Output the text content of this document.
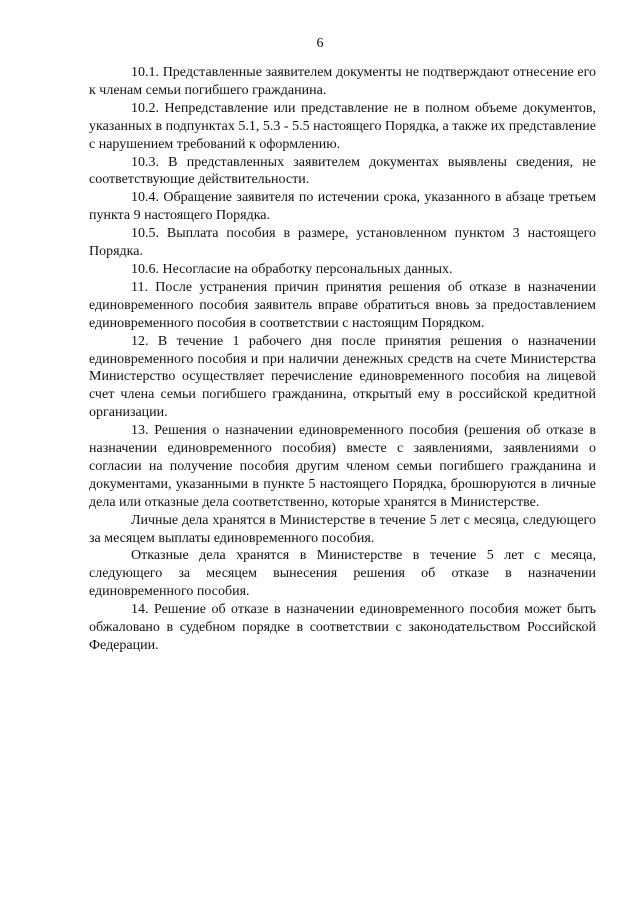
6

10.1. Представленные заявителем документы не подтверждают отнесение его к членам семьи погибшего гражданина.

10.2. Непредставление или представление не в полном объеме документов, указанных в подпунктах 5.1, 5.3 - 5.5 настоящего Порядка, а также их представление с нарушением требований к оформлению.

10.3. В представленных заявителем документах выявлены сведения, не соответствующие действительности.

10.4. Обращение заявителя по истечении срока, указанного в абзаце третьем пункта 9 настоящего Порядка.

10.5. Выплата пособия в размере, установленном пунктом 3 настоящего Порядка.

10.6. Несогласие на обработку персональных данных.

11. После устранения причин принятия решения об отказе в назначении единовременного пособия заявитель вправе обратиться вновь за предоставлением единовременного пособия в соответствии с настоящим Порядком.

12. В течение 1 рабочего дня после принятия решения о назначении единовременного пособия и при наличии денежных средств на счете Министерства Министерство осуществляет перечисление единовременного пособия на лицевой счет члена семьи погибшего гражданина, открытый ему в российской кредитной организации.

13. Решения о назначении единовременного пособия (решения об отказе в назначении единовременного пособия) вместе с заявлениями, заявлениями о согласии на получение пособия другим членом семьи погибшего гражданина и документами, указанными в пункте 5 настоящего Порядка, брошюруются в личные дела или отказные дела соответственно, которые хранятся в Министерстве.

Личные дела хранятся в Министерстве в течение 5 лет с месяца, следующего за месяцем выплаты единовременного пособия.

Отказные дела хранятся в Министерстве в течение 5 лет с месяца, следующего за месяцем вынесения решения об отказе в назначении единовременного пособия.

14. Решение об отказе в назначении единовременного пособия может быть обжаловано в судебном порядке в соответствии с законодательством Российской Федерации.
